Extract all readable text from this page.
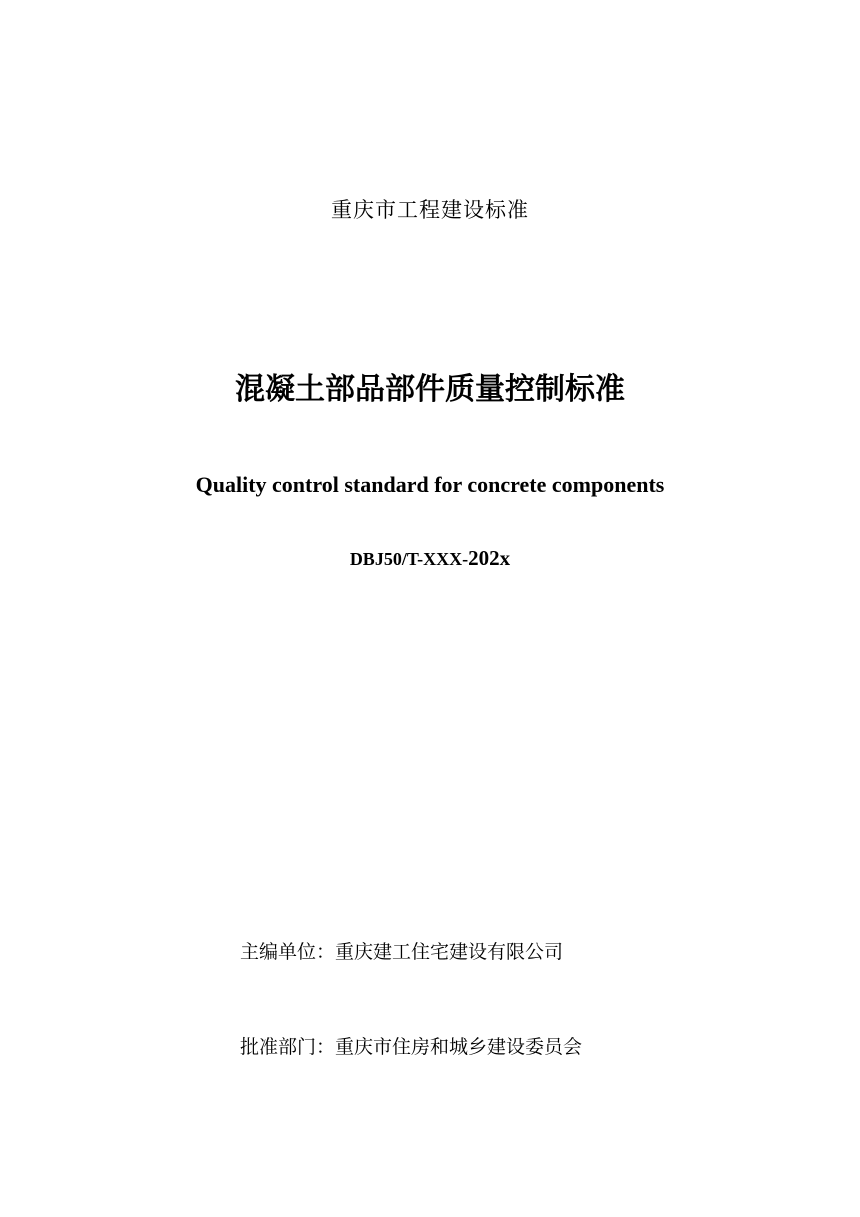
重庆市工程建设标准
混凝土部品部件质量控制标准
Quality control standard for concrete components
DBJ50/T-XXX-202x
主编单位：重庆建工住宅建设有限公司
批准部门：重庆市住房和城乡建设委员会
